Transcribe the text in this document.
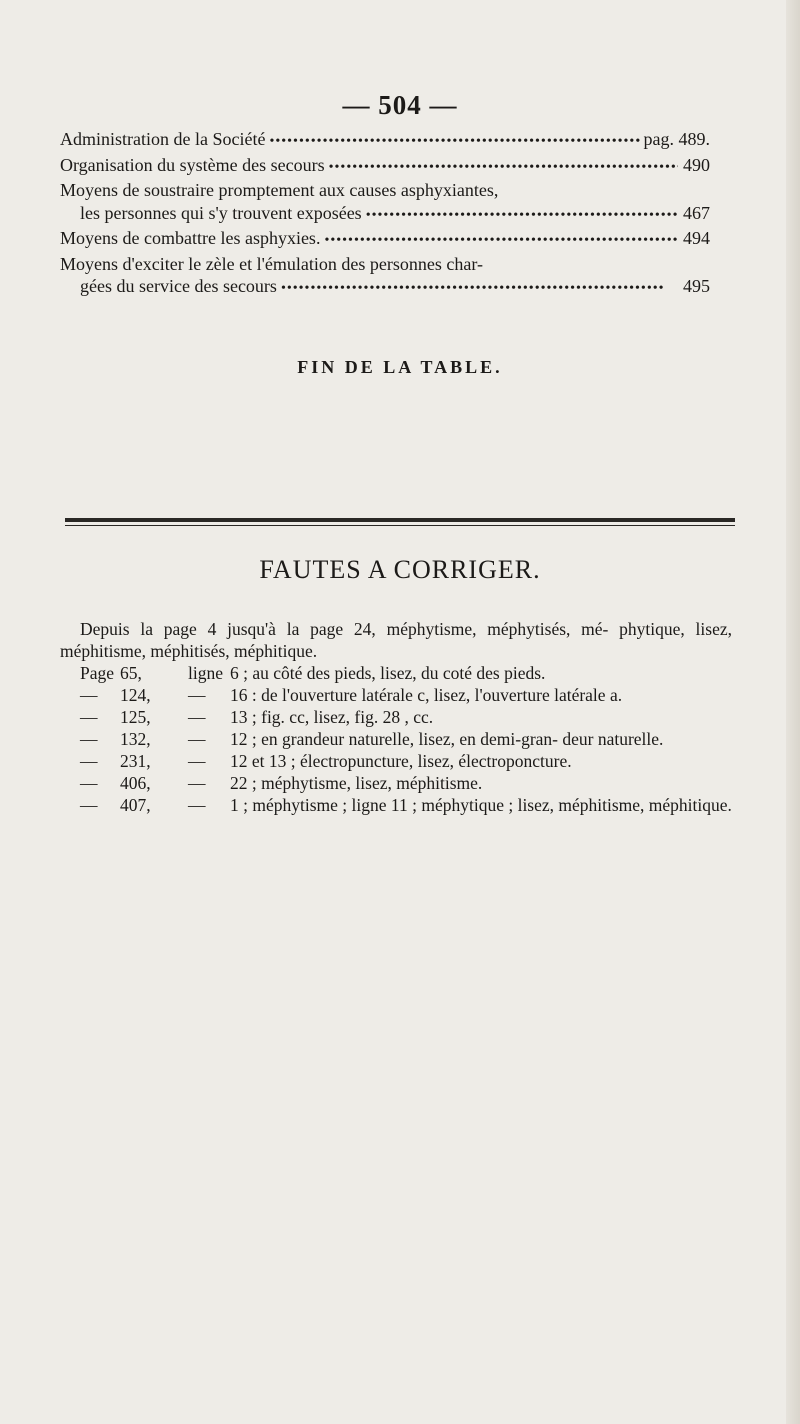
— 504 —
Administration de la Société •••••	pag. 489.
Organisation du système des secours •••••	490
Moyens de soustraire promptement aux causes asphyxiantes,
les personnes qui s'y trouvent exposées •••••	467
Moyens de combattre les asphyxies. •••••	494
Moyens d'exciter le zèle et l'émulation des personnes char-
gées du service des secours •••••	495
FIN DE LA TABLE.
FAUTES A CORRIGER.
Depuis la page 4 jusqu'à la page 24, méphytisme, méphytisés, mé- phytique, lisez, méphitisme, méphitisés, méphitique.
Page 65,	ligne 6 ; au côté des pieds, lisez, du coté des pieds.
— 124,	—	16 : de l'ouverture latérale c, lisez, l'ouverture latérale a.
— 125,	—	13 ; fig. cc, lisez, fig. 28 , cc.
— 132,	—	12 ; en grandeur naturelle, lisez, en demi-gran- deur naturelle.
— 231,	—	12 et 13 ; électropuncture, lisez, électroponcture.
— 406,	—	22 ; méphytisme, lisez, méphitisme.
— 407,	—	1 ; méphytisme ; ligne 11 ; méphytique ; lisez, méphitisme, méphitique.
